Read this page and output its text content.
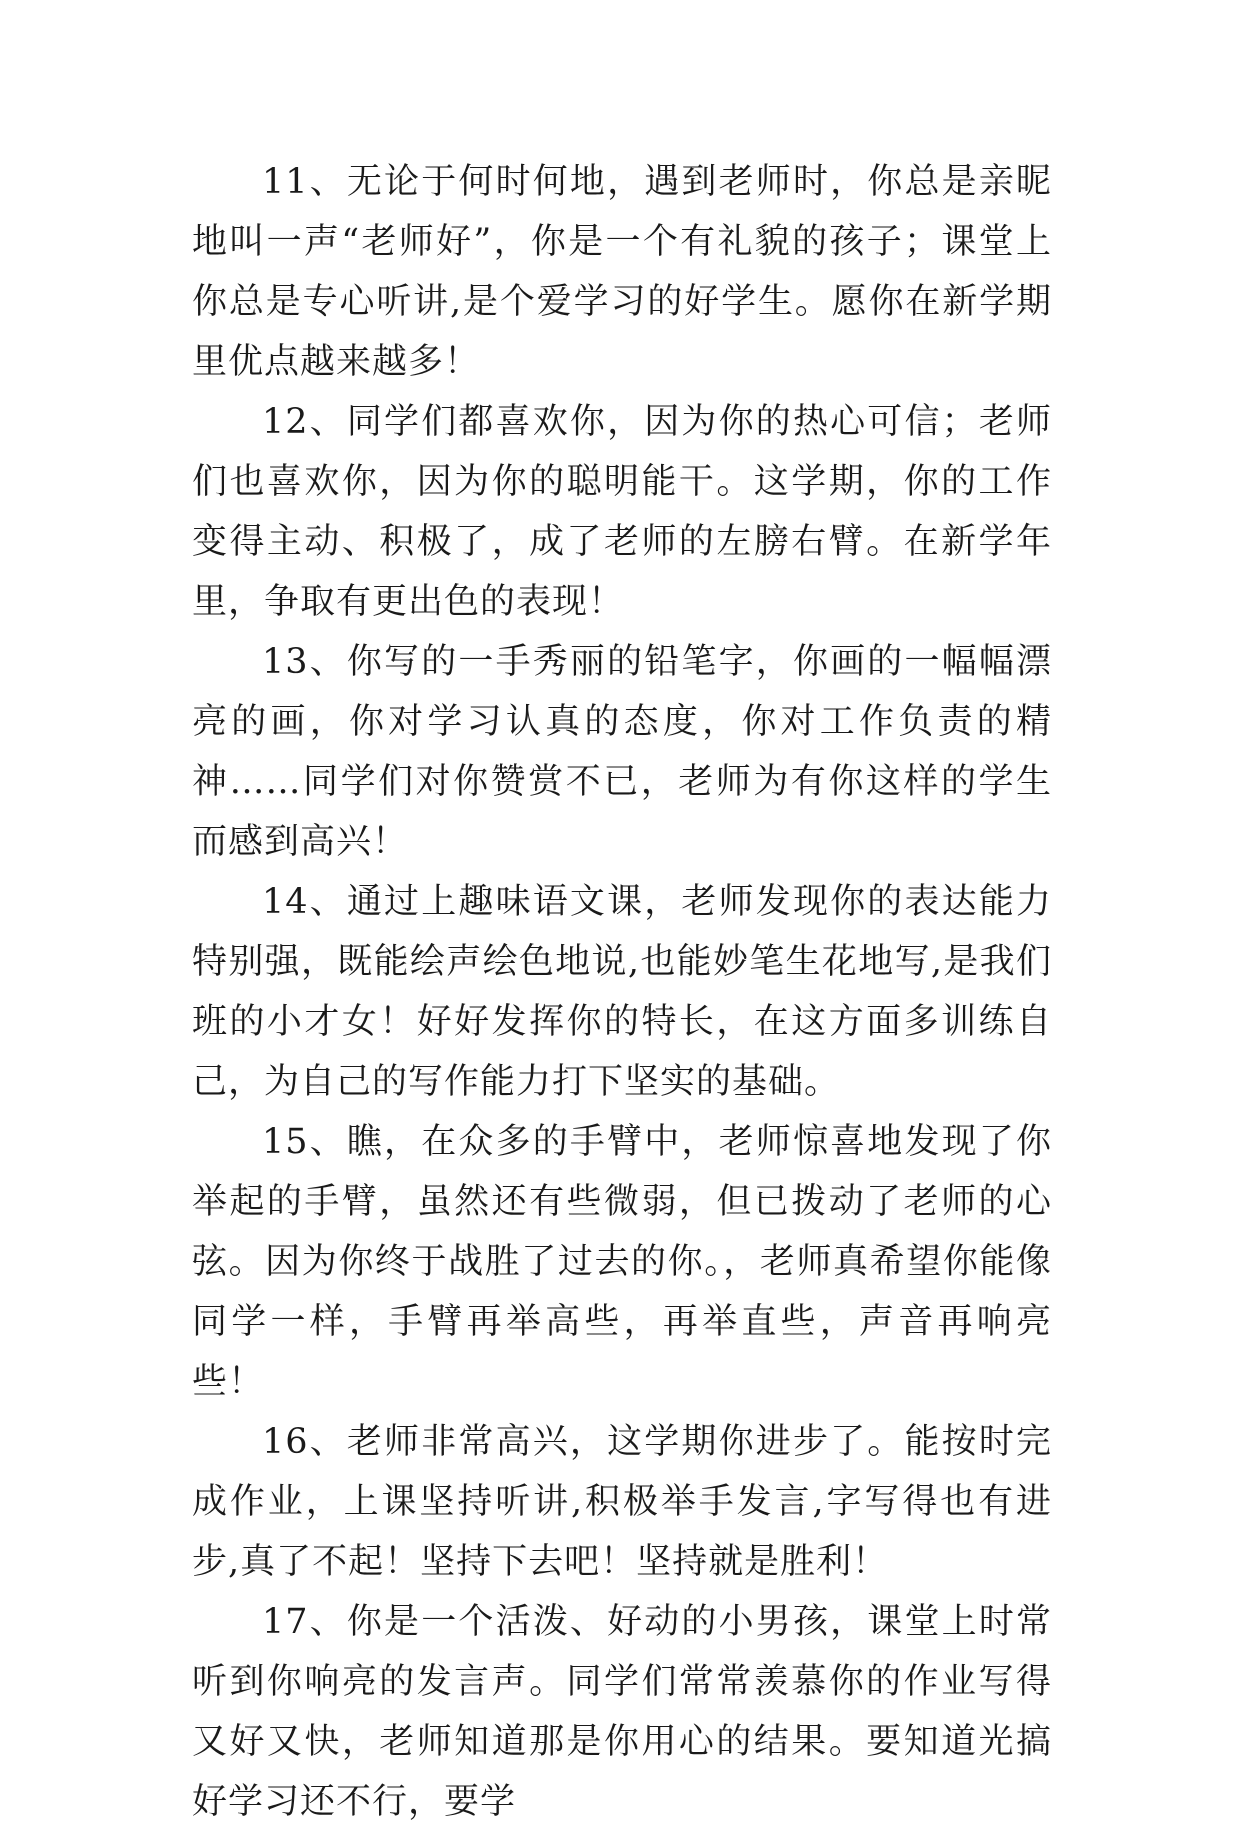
11、无论于何时何地，遇到老师时，你总是亲昵地叫一声“老师好”，你是一个有礼貌的孩子；课堂上你总是专心听讲,是个爱学习的好学生。愿你在新学期里优点越来越多！

12、同学们都喜欢你，因为你的热心可信；老师们也喜欢你，因为你的聪明能干。这学期，你的工作变得主动、积极了，成了老师的左膀右臂。在新学年里，争取有更出色的表现！

13、你写的一手秀丽的铅笔字，你画的一幅幅漂亮的画，你对学习认真的态度，你对工作负责的精神……同学们对你赞赏不已，老师为有你这样的学生而感到高兴！

14、通过上趣味语文课，老师发现你的表达能力特别强，既能绘声绘色地说,也能妙笔生花地写,是我们班的小才女！好好发挥你的特长，在这方面多训练自己，为自己的写作能力打下坚实的基础。

15、瞧，在众多的手臂中，老师惊喜地发现了你举起的手臂，虽然还有些微弱，但已拨动了老师的心弦。因为你终于战胜了过去的你。，老师真希望你能像同学一样，手臂再举高些，再举直些，声音再响亮些！

16、老师非常高兴，这学期你进步了。能按时完成作业，上课坚持听讲,积极举手发言,字写得也有进步,真了不起！坚持下去吧！坚持就是胜利！

17、你是一个活泼、好动的小男孩，课堂上时常听到你响亮的发言声。同学们常常羡慕你的作业写得又好又快，老师知道那是你用心的结果。要知道光搞好学习还不行，要学
